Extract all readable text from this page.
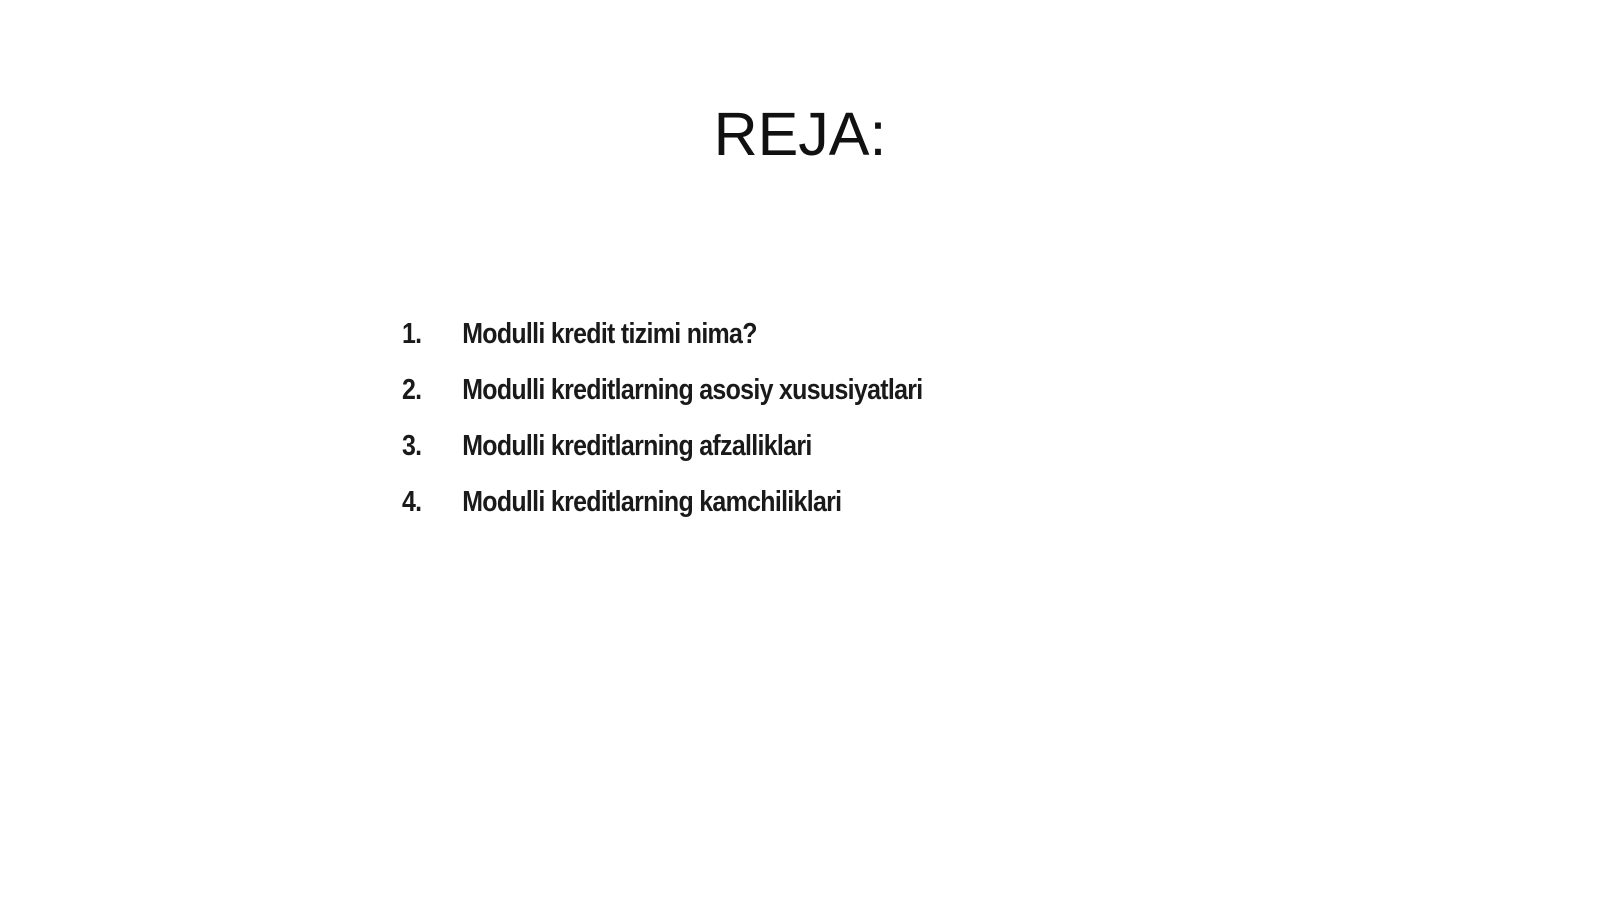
REJA:
1.	Modulli kredit tizimi nima?
2.	Modulli kreditlarning asosiy xususiyatlari
3.	Modulli kreditlarning afzalliklari
4.	Modulli kreditlarning kamchiliklari
